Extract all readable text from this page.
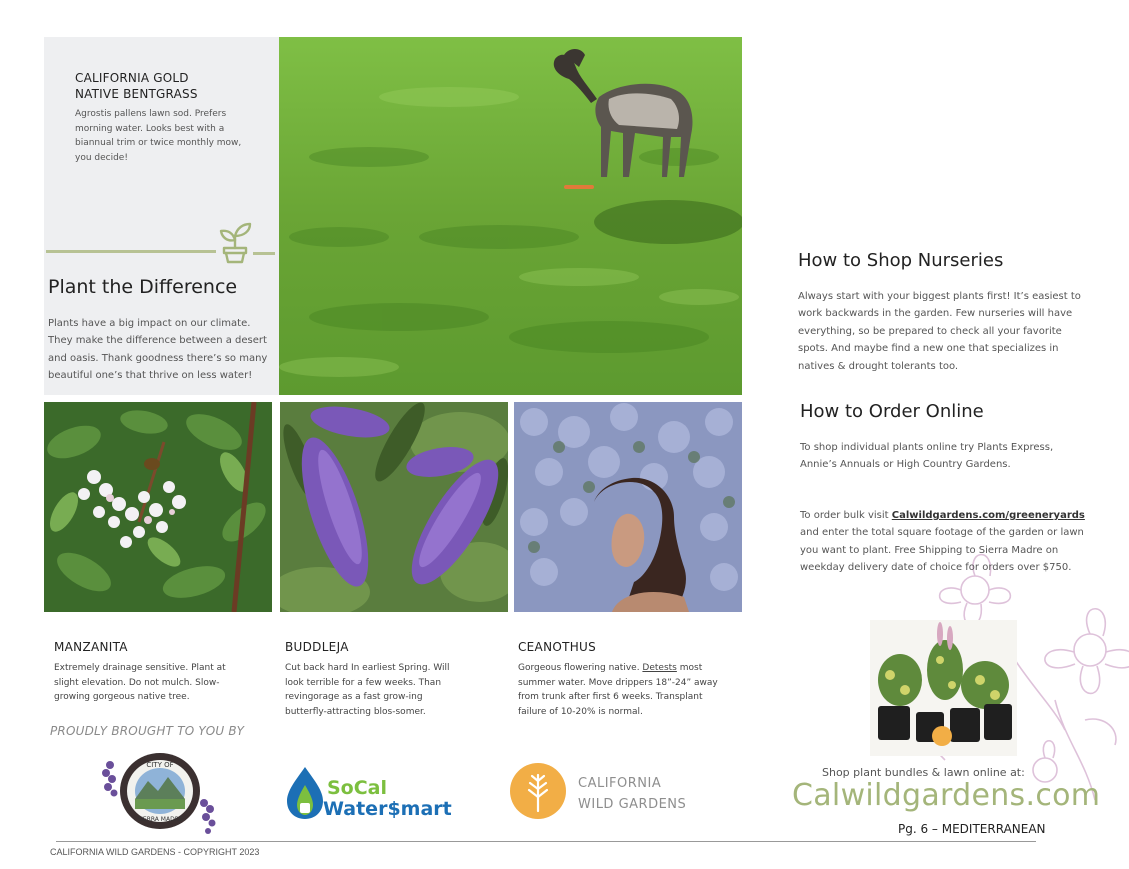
CALIFORNIA GOLD
NATIVE BENTGRASS
Agrostis pallens lawn sod. Prefers morning water. Looks best with a biannual trim or twice monthly mow, you decide!
Plant the Difference
Plants have a big impact on our climate. They make the difference between a desert and oasis. Thank goodness there’s so many beautiful one’s that thrive on less water!
MANZANITA
Extremely drainage sensitive. Plant at slight elevation. Do not mulch. Slow-growing gorgeous native tree.
BUDDLEJA
Cut back hard In earliest Spring. Will look terrible for a few weeks. Than revingorage as a fast grow-ing butterfly-attracting blos-somer.
CEANOTHUS
Gorgeous flowering native. Detests most summer water. Move drippers 18”-24” away from trunk after first 6 weeks. Transplant failure of 10-20% is normal.
PROUDLY BROUGHT TO YOU BY
CITY OF
SIERRA MADRE
SoCal
Water$mart
CALIFORNIA
WILD GARDENS
How to Shop Nurseries
Always start with your biggest plants first! It’s easiest to work backwards in the garden. Few nurseries will have everything, so be prepared to check all your favorite spots. And maybe find a new one that specializes in natives & drought tolerants too.
How to Order Online
To shop individual plants online try Plants Express, Annie’s Annuals or High Country Gardens.
To order bulk visit Calwildgardens.com/greeneryards and enter the total square footage of the garden or lawn you want to plant. Free Shipping to Sierra Madre on weekday delivery date of choice for orders over $750.
Shop plant bundles & lawn online at:
Calwildgardens.com
Pg. 6 – MEDITERRANEAN
CALIFORNIA WILD GARDENS - COPYRIGHT 2023
